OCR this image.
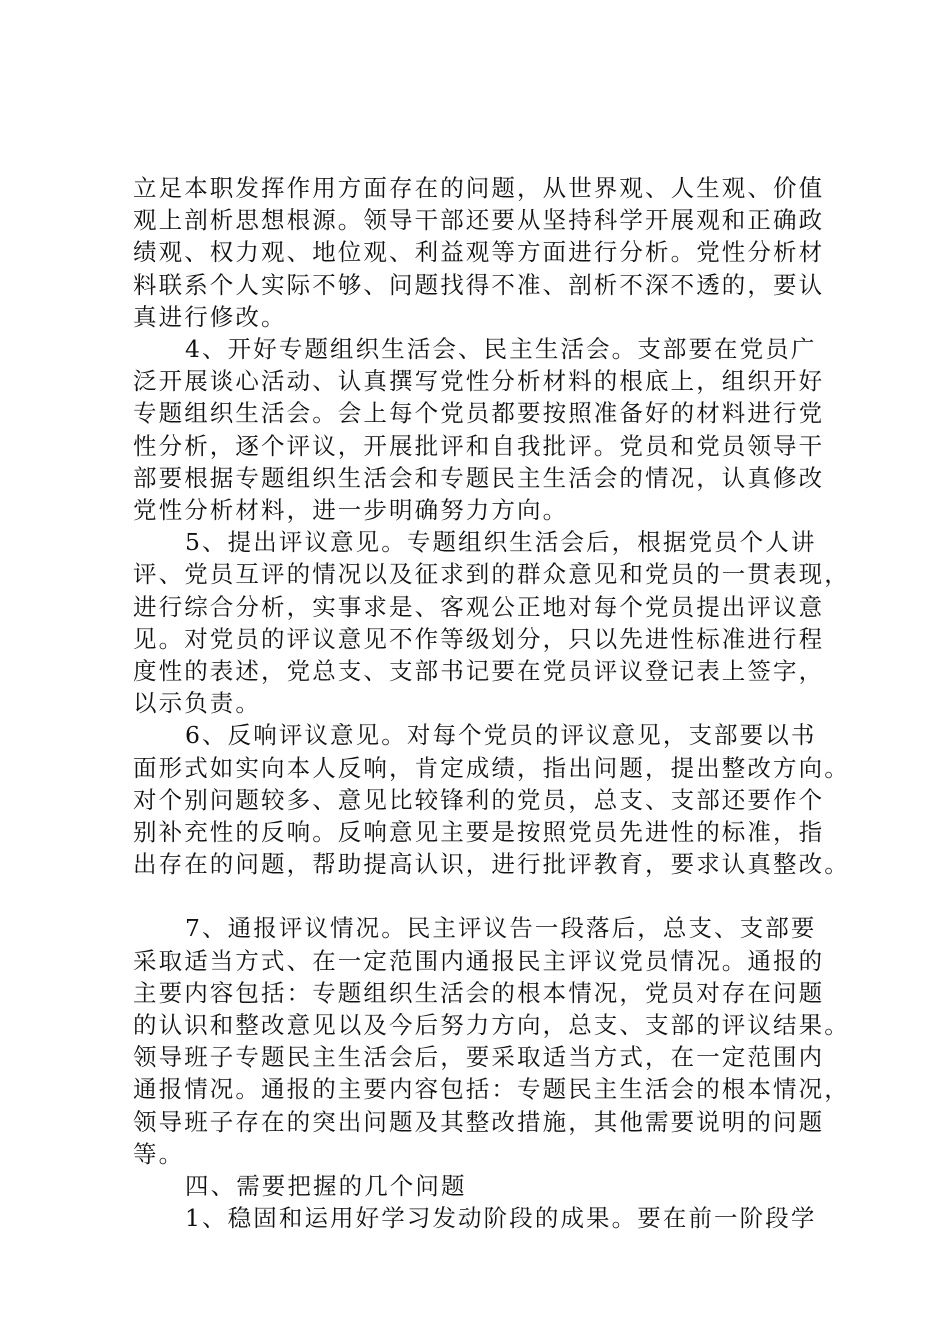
立足本职发挥作用方面存在的问题，从世界观、人生观、价值
观上剖析思想根源。领导干部还要从坚持科学开展观和正确政
绩观、权力观、地位观、利益观等方面进行分析。党性分析材
料联系个人实际不够、问题找得不准、剖析不深不透的，要认
真进行修改。
4、开好专题组织生活会、民主生活会。支部要在党员广
泛开展谈心活动、认真撰写党性分析材料的根底上，组织开好
专题组织生活会。会上每个党员都要按照准备好的材料进行党
性分析，逐个评议，开展批评和自我批评。党员和党员领导干
部要根据专题组织生活会和专题民主生活会的情况，认真修改
党性分析材料，进一步明确努力方向。
5、提出评议意见。专题组织生活会后，根据党员个人讲
评、党员互评的情况以及征求到的群众意见和党员的一贯表现，
进行综合分析，实事求是、客观公正地对每个党员提出评议意
见。对党员的评议意见不作等级划分，只以先进性标准进行程
度性的表述，党总支、支部书记要在党员评议登记表上签字，
以示负责。
6、反响评议意见。对每个党员的评议意见，支部要以书
面形式如实向本人反响，肯定成绩，指出问题，提出整改方向。
对个别问题较多、意见比较锋利的党员，总支、支部还要作个
别补充性的反响。反响意见主要是按照党员先进性的标准，指
出存在的问题，帮助提高认识，进行批评教育，要求认真整改。
7、通报评议情况。民主评议告一段落后，总支、支部要
采取适当方式、在一定范围内通报民主评议党员情况。通报的
主要内容包括：专题组织生活会的根本情况，党员对存在问题
的认识和整改意见以及今后努力方向，总支、支部的评议结果。
领导班子专题民主生活会后，要采取适当方式，在一定范围内
通报情况。通报的主要内容包括：专题民主生活会的根本情况，
领导班子存在的突出问题及其整改措施，其他需要说明的问题
等。
四、需要把握的几个问题
1、稳固和运用好学习发动阶段的成果。要在前一阶段学
